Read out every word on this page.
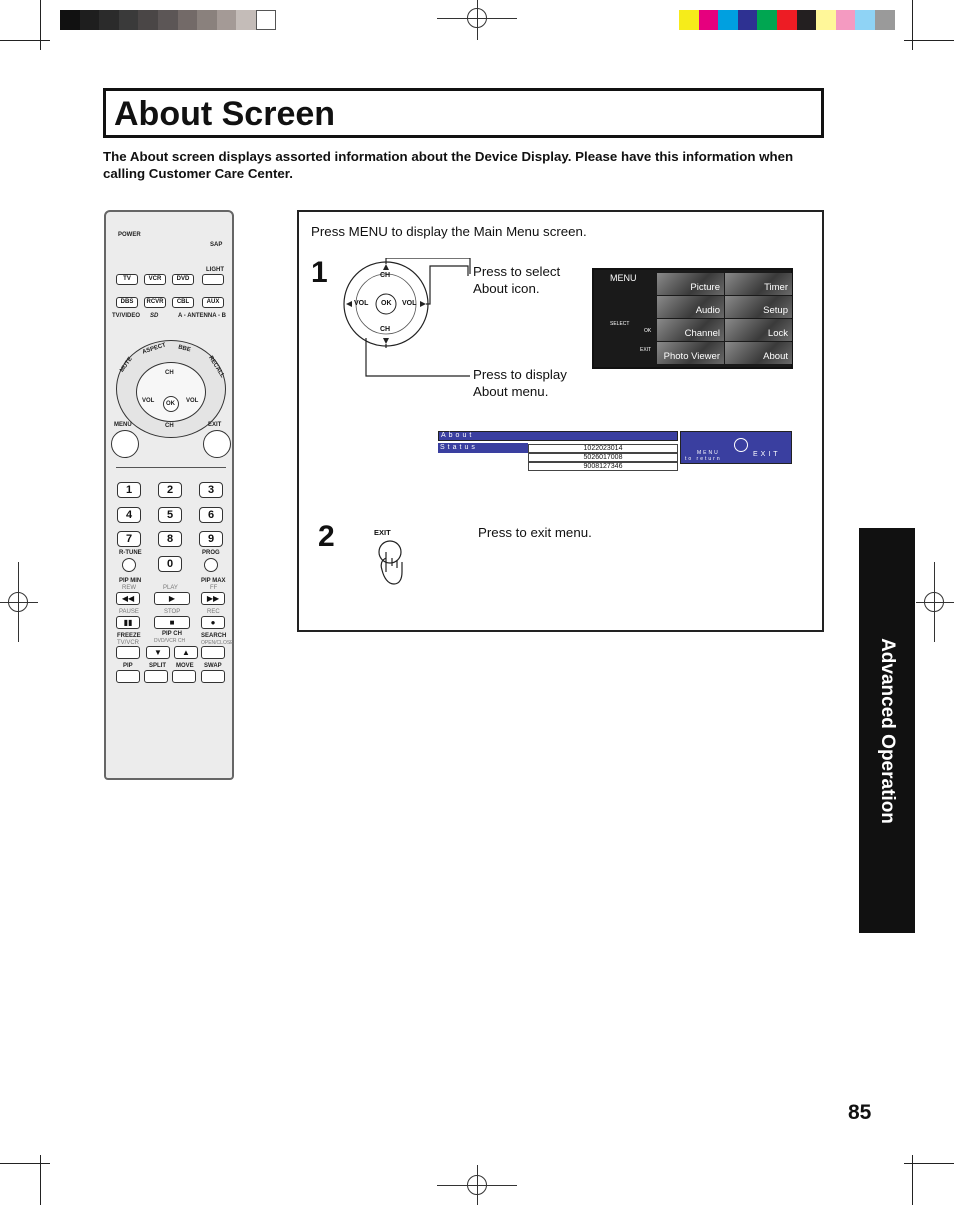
About Screen

The About screen displays assorted information about the Device Display. Please have this information when calling Customer Care Center.

POWER
SAP
LIGHT
TV	VCR	DVD
DBS	RCVR	CBL	AUX
TV/VIDEO SD	A - ANTENNA - B
MUTE
ASPECT BBE
RECALL
CH
VOL	VOL
OK
CH
MENU	EXIT
1	2	3
4	5	6
7	8	9
R-TUNE	PROG
0
PIP MIN	PIP MAX
REW	PLAY	FF
◀◀	▶	▶▶
PAUSE	STOP	REC
▮▮	■	●
FREEZE
TV/VCR
PIP CH
DVD/VCR CH
SEARCH
OPEN/CLOSE
▼	▲
PIP	SPLIT MOVE SWAP
Press MENU to display the Main Menu screen.
1
2
CH
VOL	VOL
OK
CH
Press to select
About icon.
Press to display
About menu.
MENU
SELECT
OK
EXIT
Picture	Timer
Audio	Setup
Channel	Lock
Photo Viewer	About
About
Status	1022023014
5026017008
9008127346
MENU
to return
EXIT
EXIT	Press to exit menu.
Advanced Operation
85
